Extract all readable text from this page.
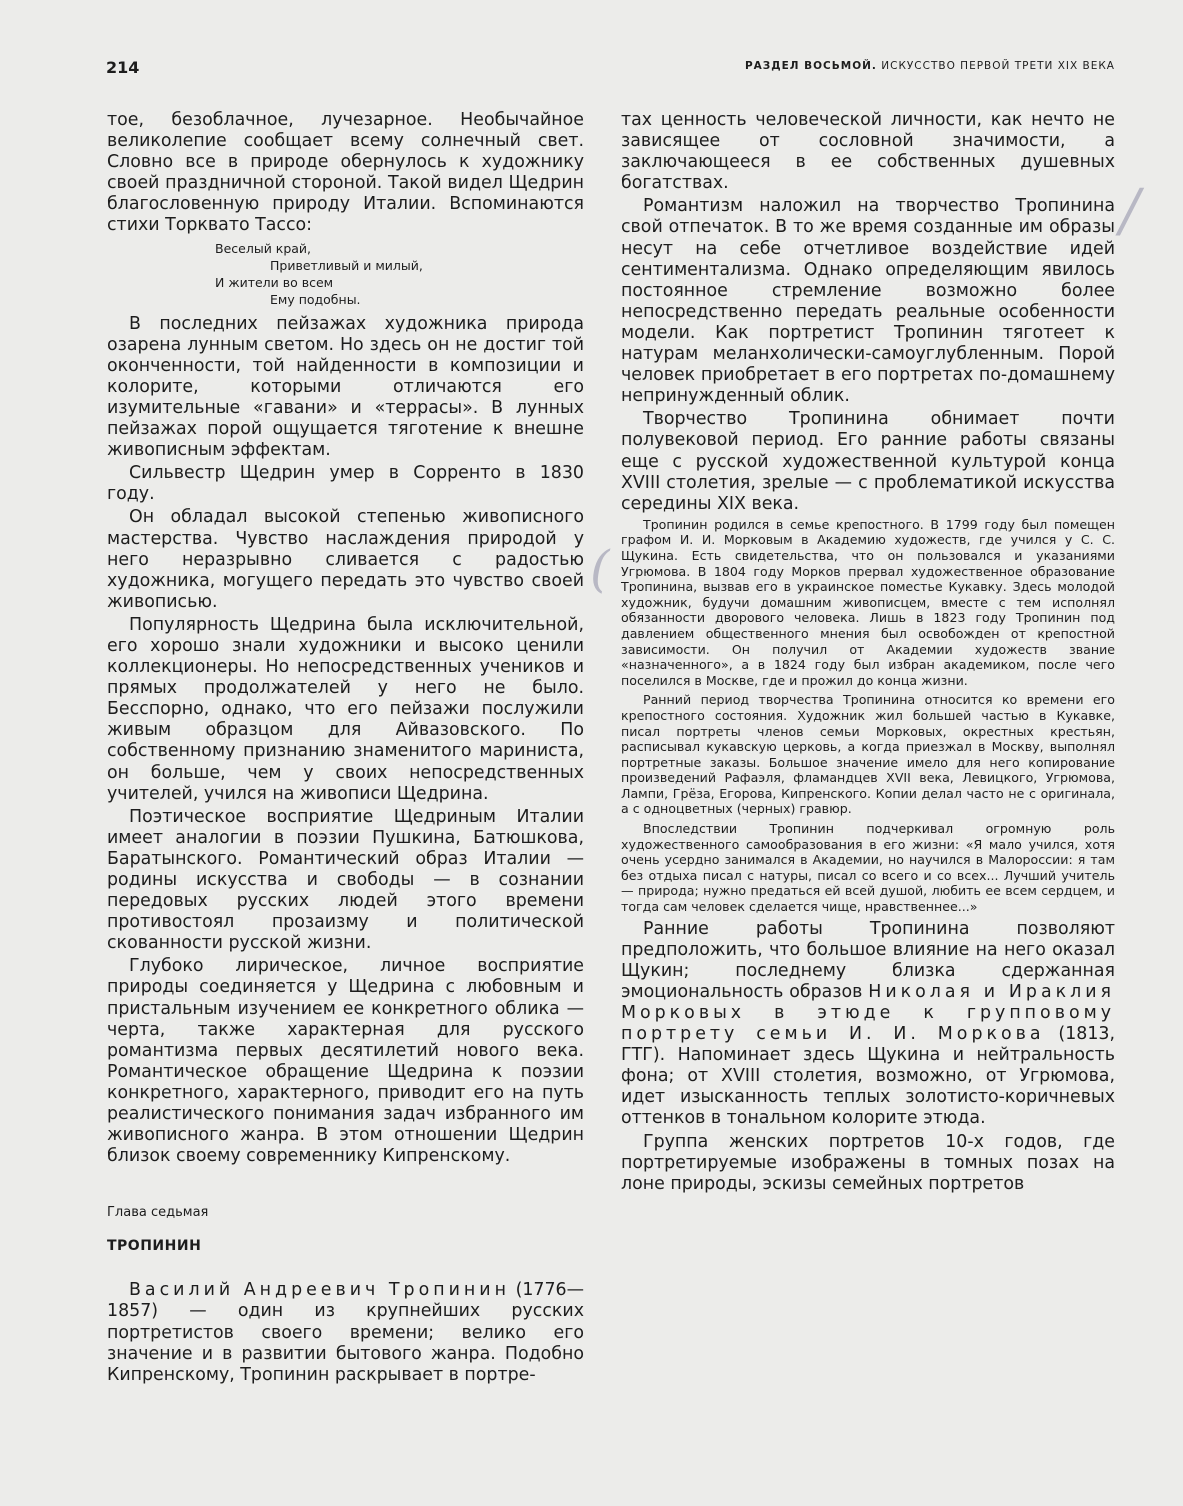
214	РАЗДЕЛ ВОСЬМОЙ. ИСКУССТВО ПЕРВОЙ ТРЕТИ XIX ВЕКА

тое, безоблачное, лучезарное. Необычайное великолепие сообщает всему солнечный свет. Словно все в природе обернулось к художнику своей праздничной стороной. Такой видел Щедрин благословенную природу Италии. Вспоминаются стихи Торквато Тассо:

Веселый край,
Приветливый и милый,
И жители во всем
Ему подобны.

В последних пейзажах художника природа озарена лунным светом. Но здесь он не достиг той оконченности, той найденности в композиции и колорите, которыми отличаются его изумительные «гавани» и «террасы». В лунных пейзажах порой ощущается тяготение к внешне живописным эффектам.

Сильвестр Щедрин умер в Сорренто в 1830 году.

Он обладал высокой степенью живописного мастерства. Чувство наслаждения природой у него неразрывно сливается с радостью художника, могущего передать это чувство своей живописью.

Популярность Щедрина была исключительной, его хорошо знали художники и высоко ценили коллекционеры. Но непосредственных учеников и прямых продолжателей у него не было. Бесспорно, однако, что его пейзажи послужили живым образцом для Айвазовского. По собственному признанию знаменитого мариниста, он больше, чем у своих непосредственных учителей, учился на живописи Щедрина.

Поэтическое восприятие Щедриным Италии имеет аналогии в поэзии Пушкина, Батюшкова, Баратынского. Романтический образ Италии — родины искусства и свободы — в сознании передовых русских людей этого времени противостоял прозаизму и политической скованности русской жизни.

Глубоко лирическое, личное восприятие природы соединяется у Щедрина с любовным и пристальным изучением ее конкретного облика — черта, также характерная для русского романтизма первых десятилетий нового века. Романтическое обращение Щедрина к поэзии конкретного, характерного, приводит его на путь реалистического понимания задач избранного им живописного жанра. В этом отношении Щедрин близок своему современнику Кипренскому.

Глава седьмая
ТРОПИНИН

Василий Андреевич Тропинин (1776—1857) — один из крупнейших русских портретистов своего времени; велико его значение и в развитии бытового жанра. Подобно Кипренскому, Тропинин раскрывает в портре-

тах ценность человеческой личности, как нечто не зависящее от сословной значимости, а заключающееся в ее собственных душевных богатствах.

Романтизм наложил на творчество Тропинина свой отпечаток. В то же время созданные им образы несут на себе отчетливое воздействие идей сентиментализма. Однако определяющим явилось постоянное стремление возможно более непосредственно передать реальные особенности модели. Как портретист Тропинин тяготеет к натурам меланхолически-самоуглубленным. Порой человек приобретает в его портретах по-домашнему непринужденный облик.

Творчество Тропинина обнимает почти полувековой период. Его ранние работы связаны еще с русской художественной культурой конца XVIII столетия, зрелые — с проблематикой искусства середины XIX века.

Тропинин родился в семье крепостного. В 1799 году был помещен графом И. И. Морковым в Академию художеств, где учился у С. С. Щукина. Есть свидетельства, что он пользовался и указаниями Угрюмова. В 1804 году Морков прервал художественное образование Тропинина, вызвав его в украинское поместье Кукавку. Здесь молодой художник, будучи домашним живописцем, вместе с тем исполнял обязанности дворового человека. Лишь в 1823 году Тропинин под давлением общественного мнения был освобожден от крепостной зависимости. Он получил от Академии художеств звание «назначенного», а в 1824 году был избран академиком, после чего поселился в Москве, где и прожил до конца жизни.

Ранний период творчества Тропинина относится ко времени его крепостного состояния. Художник жил большей частью в Кукавке, писал портреты членов семьи Морковых, окрестных крестьян, расписывал кукавскую церковь, а когда приезжал в Москву, выполнял портретные заказы. Большое значение имело для него копирование произведений Рафаэля, фламандцев XVII века, Левицкого, Угрюмова, Лампи, Грёза, Егорова, Кипренского. Копии делал часто не с оригинала, а с одноцветных (черных) гравюр.

Впоследствии Тропинин подчеркивал огромную роль художественного самообразования в его жизни: «Я мало учился, хотя очень усердно занимался в Академии, но научился в Малороссии: я там без отдыха писал с натуры, писал со всего и со всех... Лучший учитель — природа; нужно предаться ей всей душой, любить ее всем сердцем, и тогда сам человек сделается чище, нравственнее...»

Ранние работы Тропинина позволяют предположить, что большое влияние на него оказал Щукин; последнему близка сдержанная эмоциональность образов Николая и Ираклия Морковых в этюде к групповому портрету семьи И. И. Моркова (1813, ГТГ). Напоминает здесь Щукина и нейтральность фона; от XVIII столетия, возможно, от Угрюмова, идет изысканность теплых золотисто-коричневых оттенков в тональном колорите этюда.

Группа женских портретов 10-х годов, где портретируемые изображены в томных позах на лоне природы, эскизы семейных портретов

/
(
